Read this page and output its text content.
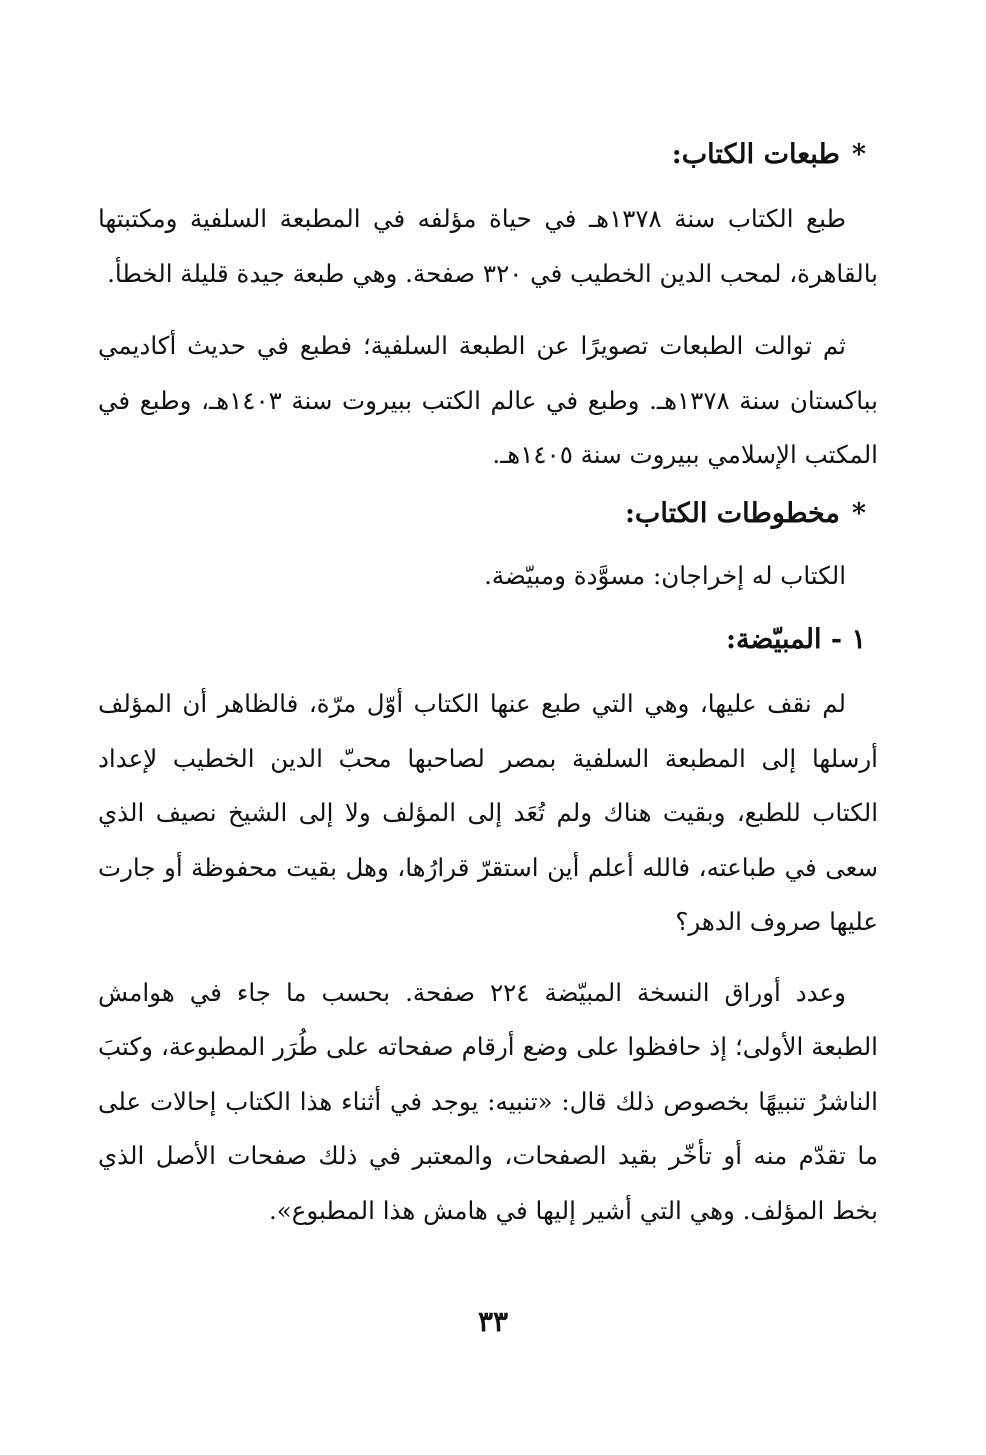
*طبعات الكتاب:

طبع الكتاب سنة ١٣٧٨هـ في حياة مؤلفه في المطبعة السلفية ومكتبتها بالقاهرة، لمحب الدين الخطيب في ٣٢٠ صفحة. وهي طبعة جيدة قليلة الخطأ.

ثم توالت الطبعات تصويرًا عن الطبعة السلفية؛ فطبع في حديث أكاديمي بباكستان سنة ١٣٧٨هـ. وطبع في عالم الكتب ببيروت سنة ١٤٠٣هـ، وطبع في المكتب الإسلامي ببيروت سنة ١٤٠٥هـ.

*مخطوطات الكتاب:

الكتاب له إخراجان: مسوَّدة ومبيّضة.

١ - المبيّضة:

لم نقف عليها، وهي التي طبع عنها الكتاب أوّل مرّة، فالظاهر أن المؤلف أرسلها إلى المطبعة السلفية بمصر لصاحبها محبّ الدين الخطيب لإعداد الكتاب للطبع، وبقيت هناك ولم تُعَد إلى المؤلف ولا إلى الشيخ نصيف الذي سعى في طباعته، فالله أعلم أين استقرّ قرارُها، وهل بقيت محفوظة أو جارت عليها صروف الدهر؟

وعدد أوراق النسخة المبيّضة ٢٢٤ صفحة. بحسب ما جاء في هوامش الطبعة الأولى؛ إذ حافظوا على وضع أرقام صفحاته على طُرَر المطبوعة، وكتبَ الناشرُ تنبيهًا بخصوص ذلك قال: «تنبيه: يوجد في أثناء هذا الكتاب إحالات على ما تقدّم منه أو تأخّر بقيد الصفحات، والمعتبر في ذلك صفحات الأصل الذي بخط المؤلف. وهي التي أشير إليها في هامش هذا المطبوع».

٣٣
